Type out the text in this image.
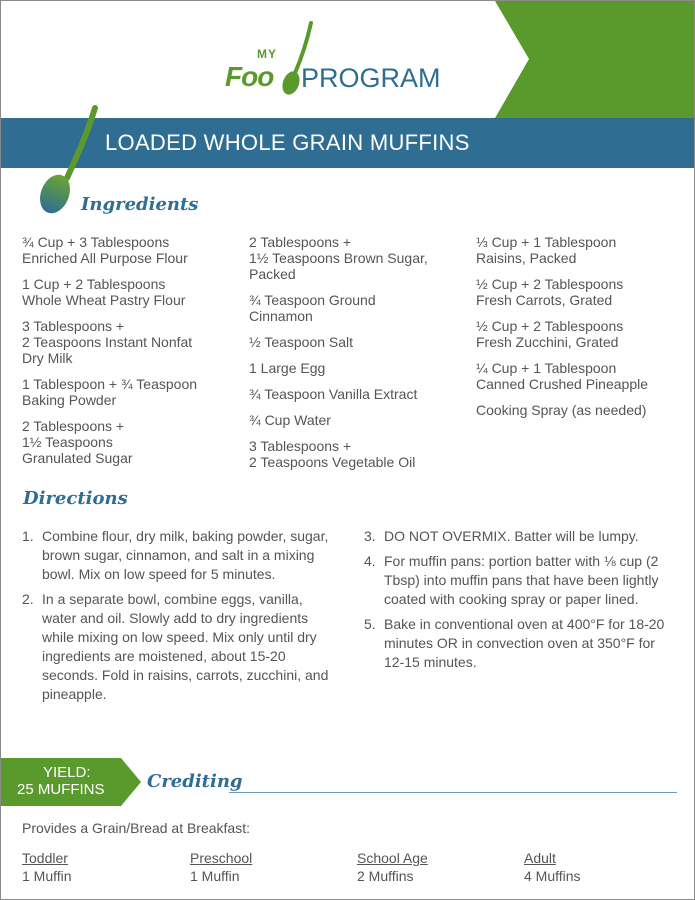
MY
Foo PROGRAM
breakfast
RECIPES
LOADED WHOLE GRAIN MUFFINS
Ingredients
¾ Cup + 3 Tablespoons
Enriched All Purpose Flour
1 Cup + 2 Tablespoons
Whole Wheat Pastry Flour
3 Tablespoons +
2 Teaspoons Instant Nonfat
Dry Milk
1 Tablespoon + ¾ Teaspoon
Baking Powder
2 Tablespoons +
1½ Teaspoons
Granulated Sugar
2 Tablespoons +
1½ Teaspoons Brown Sugar,
Packed
¾ Teaspoon Ground
Cinnamon
½ Teaspoon Salt
1 Large Egg
¾ Teaspoon Vanilla Extract
¾ Cup Water
3 Tablespoons +
2 Teaspoons Vegetable Oil
⅓ Cup + 1 Tablespoon
Raisins, Packed
½ Cup + 2 Tablespoons
Fresh Carrots, Grated
½ Cup + 2 Tablespoons
Fresh Zucchini, Grated
¼ Cup + 1 Tablespoon
Canned Crushed Pineapple
Cooking Spray (as needed)
Directions
1. Combine flour, dry milk, baking powder, sugar, brown sugar, cinnamon, and salt in a mixing bowl. Mix on low speed for 5 minutes.
2. In a separate bowl, combine eggs, vanilla, water and oil. Slowly add to dry ingredients while mixing on low speed. Mix only until dry ingredients are moistened, about 15-20 seconds. Fold in raisins, carrots, zucchini, and pineapple.
3. DO NOT OVERMIX. Batter will be lumpy.
4. For muffin pans: portion batter with ⅛ cup (2 Tbsp) into muffin pans that have been lightly coated with cooking spray or paper lined.
5. Bake in conventional oven at 400°F for 18-20 minutes OR in convection oven at 350°F for 12-15 minutes.
YIELD:
25 MUFFINS Crediting
Provides a Grain/Bread at Breakfast:
Toddler
1 Muffin
Preschool
1 Muffin
School Age
2 Muffins
Adult
4 Muffins
